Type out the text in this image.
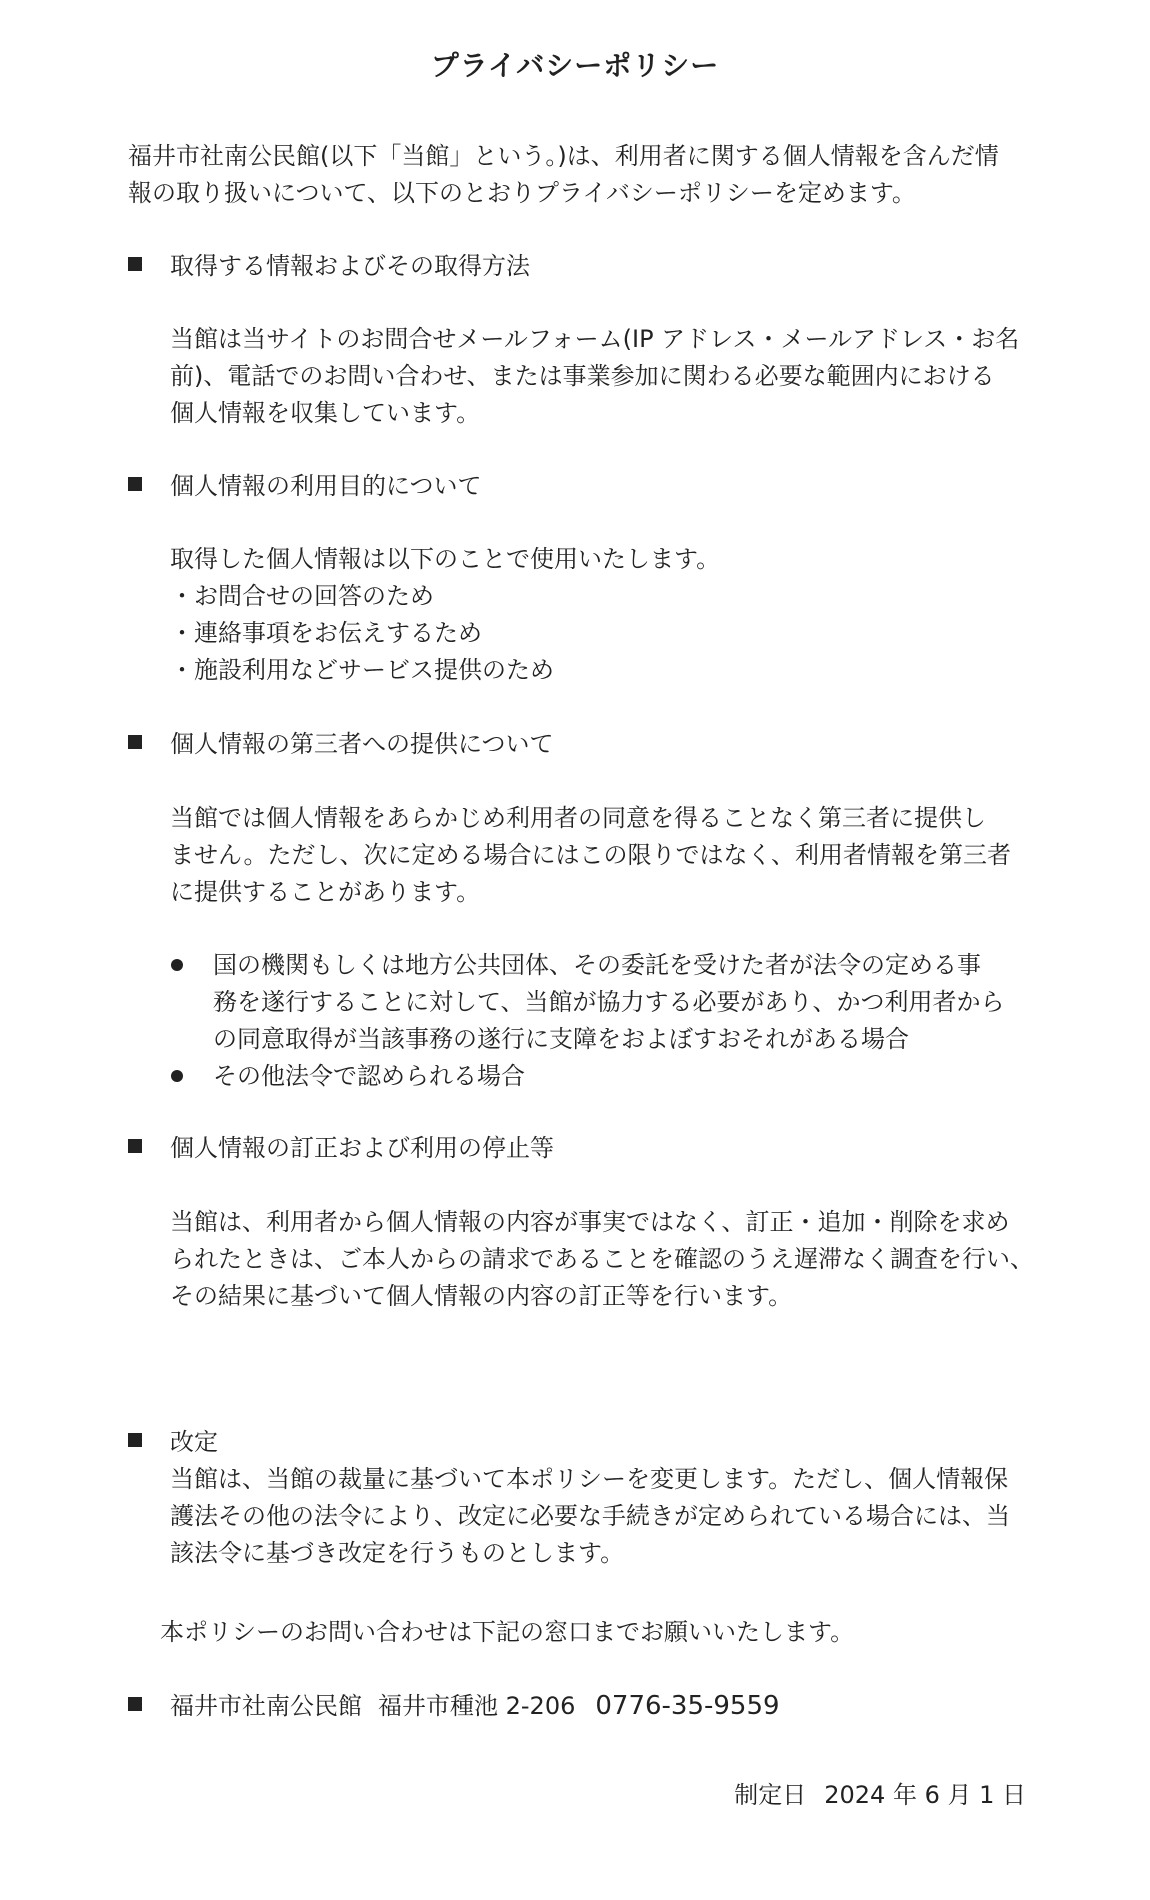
プライバシーポリシー

福井市社南公民館(以下「当館」という。)は、利用者に関する個人情報を含んだ情
報の取り扱いについて、以下のとおりプライバシーポリシーを定めます。

取得する情報およびその取得方法

当館は当サイトのお問合せメールフォーム(IP アドレス・メールアドレス・お名
前)、電話でのお問い合わせ、または事業参加に関わる必要な範囲内における
個人情報を収集しています。

個人情報の利用目的について

取得した個人情報は以下のことで使用いたします。
・お問合せの回答のため
・連絡事項をお伝えするため
・施設利用などサービス提供のため

個人情報の第三者への提供について

当館では個人情報をあらかじめ利用者の同意を得ることなく第三者に提供し
ません。ただし、次に定める場合にはこの限りではなく、利用者情報を第三者
に提供することがあります。

国の機関もしくは地方公共団体、その委託を受けた者が法令の定める事
務を遂行することに対して、当館が協力する必要があり、かつ利用者から
の同意取得が当該事務の遂行に支障をおよぼすおそれがある場合
その他法令で認められる場合
個人情報の訂正および利用の停止等

当館は、利用者から個人情報の内容が事実ではなく、訂正・追加・削除を求め
られたときは、ご本人からの請求であることを確認のうえ遅滞なく調査を行い、
その結果に基づいて個人情報の内容の訂正等を行います。

改定

当館は、当館の裁量に基づいて本ポリシーを変更します。ただし、個人情報保
護法その他の法令により、改定に必要な手続きが定められている場合には、当
該法令に基づき改定を行うものとします。

本ポリシーのお問い合わせは下記の窓口までお願いいたします。

福井市社南公民館 福井市種池 2-206 0776-35-9559
制定日 2024 年 6 月 1 日
